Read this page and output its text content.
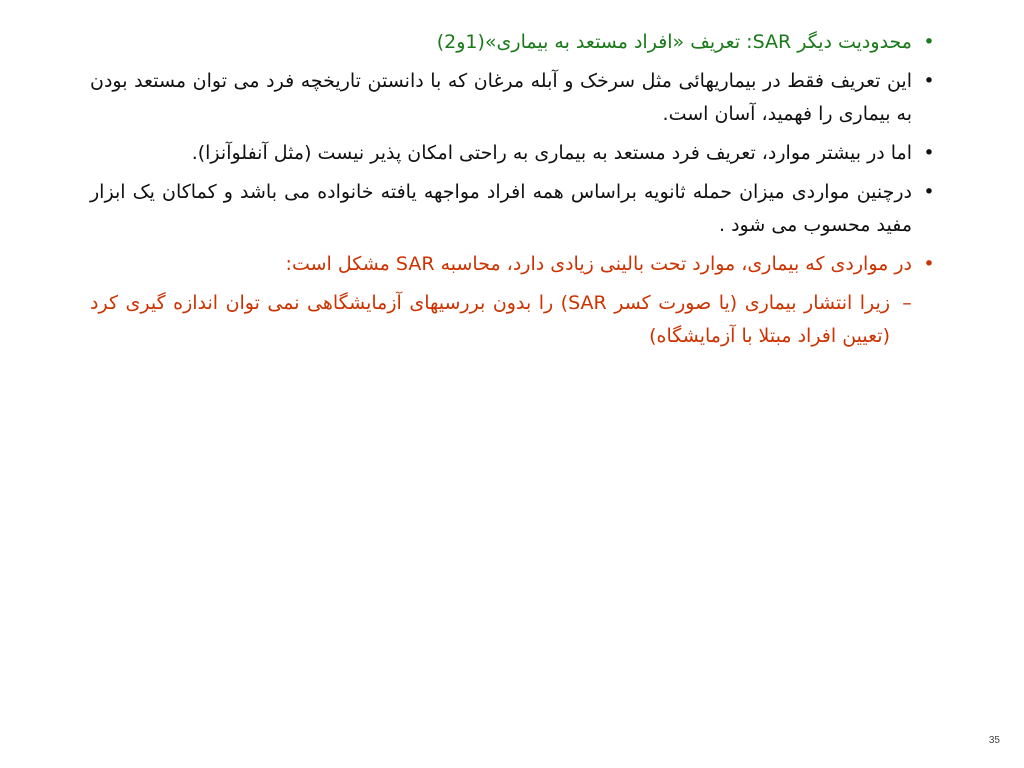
•
محدودیت دیگر SAR: تعریف «افراد مستعد به بیماری»(1و2)
•
این تعریف فقط در بیماریهائی مثل سرخک و آبله مرغان که با دانستن تاریخچه فرد می توان مستعد بودن به بیماری را فهمید، آسان است.
•
اما در بیشتر موارد، تعریف فرد مستعد به بیماری به راحتی امکان پذیر نیست (مثل آنفلوآنزا).
•
درچنین مواردی میزان حمله ثانویه براساس همه افراد مواجهه یافته خانواده می باشد و کماکان یک ابزار مفید محسوب می شود .
•
در مواردی که بیماری، موارد تحت بالینی زیادی دارد، محاسبه SAR مشکل است:
–
زیرا انتشار بیماری (یا صورت کسر SAR) را بدون بررسیهای آزمایشگاهی نمی توان اندازه گیری کرد (تعیین افراد مبتلا با آزمایشگاه)
35
